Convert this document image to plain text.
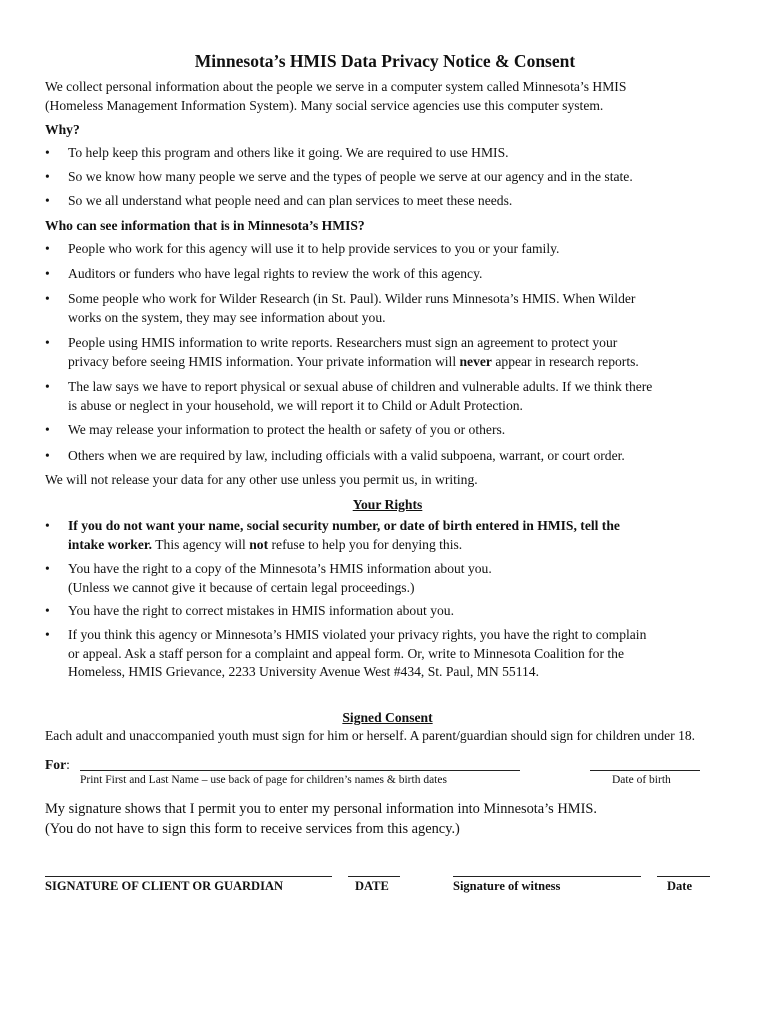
Minnesota’s HMIS Data Privacy Notice & Consent
We collect personal information about the people we serve in a computer system called Minnesota’s HMIS
(Homeless Management Information System). Many social service agencies use this computer system.
Why?
• To help keep this program and others like it going. We are required to use HMIS.
• So we know how many people we serve and the types of people we serve at our agency and in the state.
• So we all understand what people need and can plan services to meet these needs.
Who can see information that is in Minnesota’s HMIS?
• People who work for this agency will use it to help provide services to you or your family.
• Auditors or funders who have legal rights to review the work of this agency.
• Some people who work for Wilder Research (in St. Paul). Wilder runs Minnesota’s HMIS. When Wilder
works on the system, they may see information about you.
• People using HMIS information to write reports. Researchers must sign an agreement to protect your
privacy before seeing HMIS information. Your private information will never appear in research reports.
• The law says we have to report physical or sexual abuse of children and vulnerable adults. If we think there
is abuse or neglect in your household, we will report it to Child or Adult Protection.
• We may release your information to protect the health or safety of you or others.
• Others when we are required by law, including officials with a valid subpoena, warrant, or court order.
We will not release your data for any other use unless you permit us, in writing.
Your Rights
• If you do not want your name, social security number, or date of birth entered in HMIS, tell the
intake worker. This agency will not refuse to help you for denying this.
• You have the right to a copy of the Minnesota’s HMIS information about you.
(Unless we cannot give it because of certain legal proceedings.)
• You have the right to correct mistakes in HMIS information about you.
• If you think this agency or Minnesota’s HMIS violated your privacy rights, you have the right to complain
or appeal. Ask a staff person for a complaint and appeal form. Or, write to Minnesota Coalition for the
Homeless, HMIS Grievance, 2233 University Avenue West #434, St. Paul, MN 55114.
Signed Consent
Each adult and unaccompanied youth must sign for him or herself. A parent/guardian should sign for children under 18.
For:
Print First and Last Name – use back of page for children’s names & birth dates	Date of birth
My signature shows that I permit you to enter my personal information into Minnesota’s HMIS.
(You do not have to sign this form to receive services from this agency.)
SIGNATURE OF CLIENT OR GUARDIAN	DATE	Signature of witness	Date
